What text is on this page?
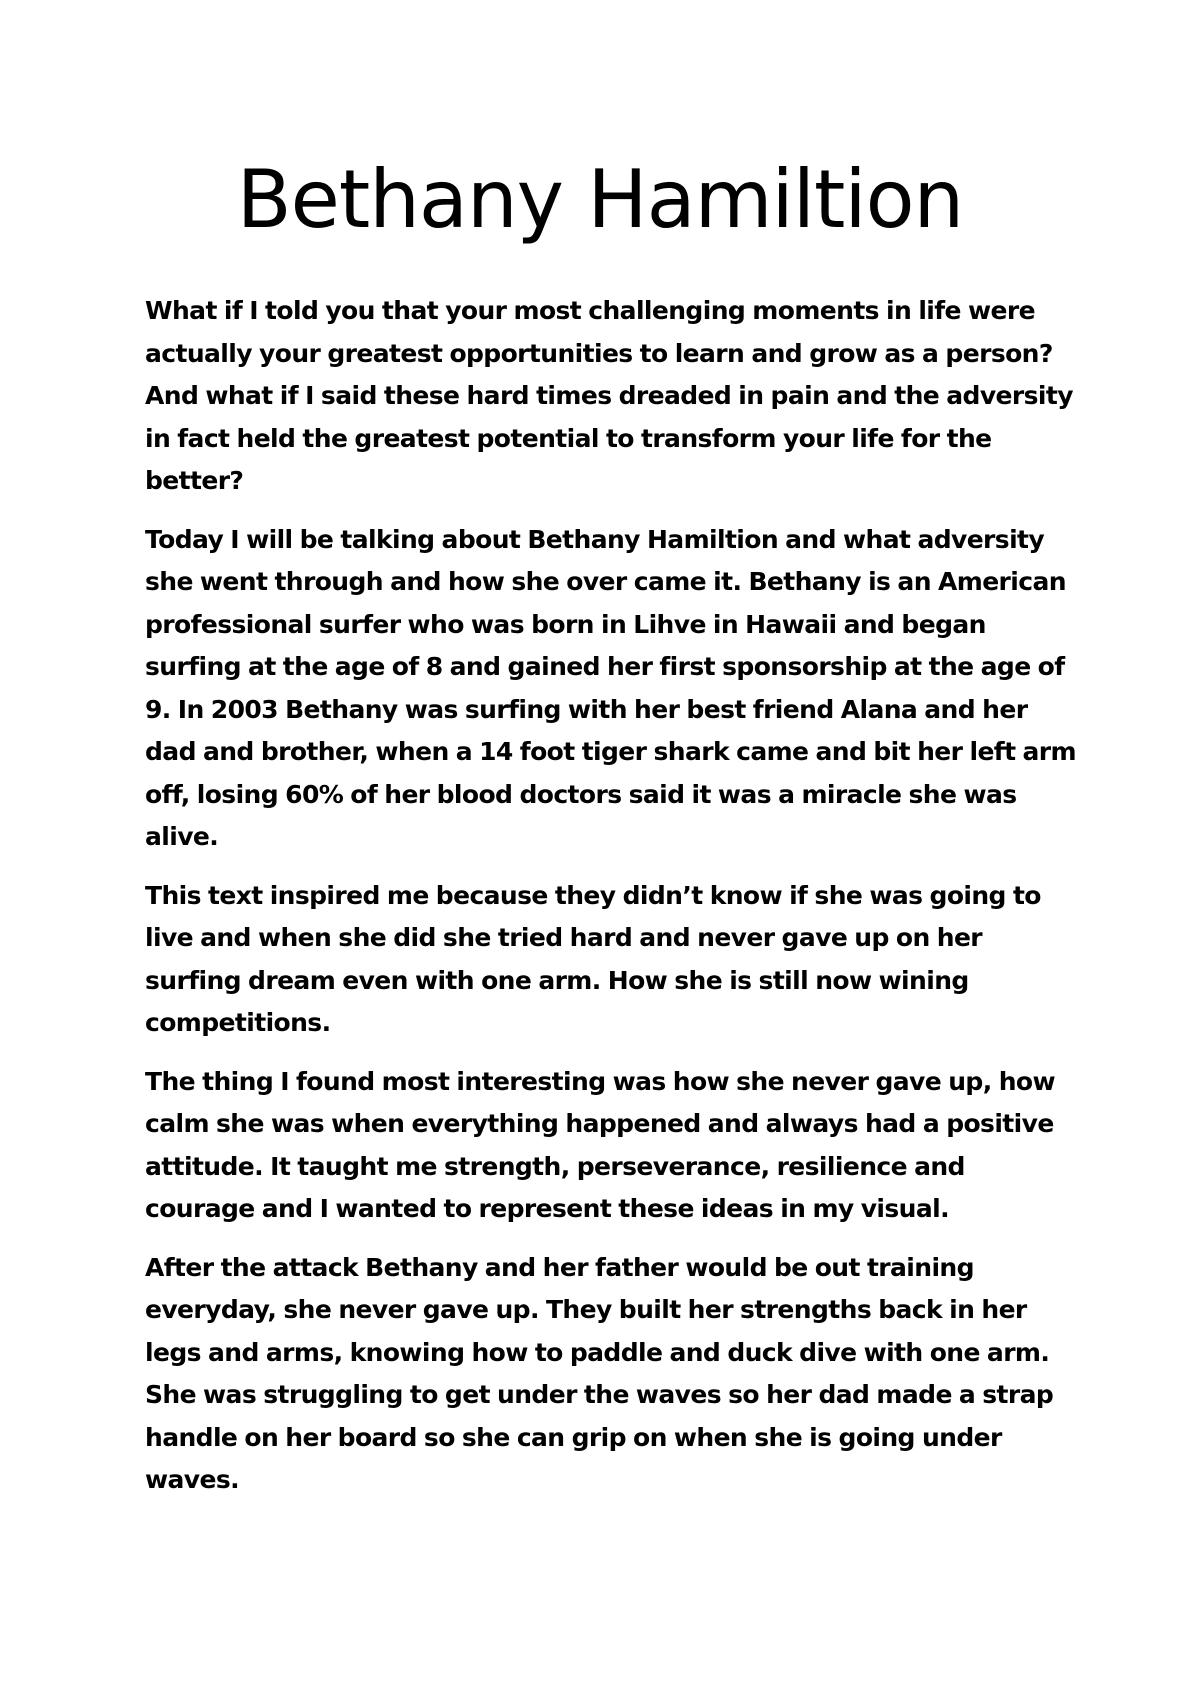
Bethany Hamiltion

What if I told you that your most challenging moments in life were actually your greatest opportunities to learn and grow as a person? And what if I said these hard times dreaded in pain and the adversity in fact held the greatest potential to transform your life for the better?

Today I will be talking about Bethany Hamiltion and what adversity she went through and how she over came it. Bethany is an American professional surfer who was born in Lihve in Hawaii and began surfing at the age of 8 and gained her first sponsorship at the age of 9. In 2003 Bethany was surfing with her best friend Alana and her dad and brother, when a 14 foot tiger shark came and bit her left arm off, losing 60% of her blood doctors said it was a miracle she was alive.

This text inspired me because they didn’t know if she was going to live and when she did she tried hard and never gave up on her surfing dream even with one arm. How she is still now wining competitions.

The thing I found most interesting was how she never gave up, how calm she was when everything happened and always had a positive attitude. It taught me strength, perseverance, resilience and courage and I wanted to represent these ideas in my visual.

After the attack Bethany and her father would be out training everyday, she never gave up. They built her strengths back in her legs and arms, knowing how to paddle and duck dive with one arm. She was struggling to get under the waves so her dad made a strap handle on her board so she can grip on when she is going under waves.
